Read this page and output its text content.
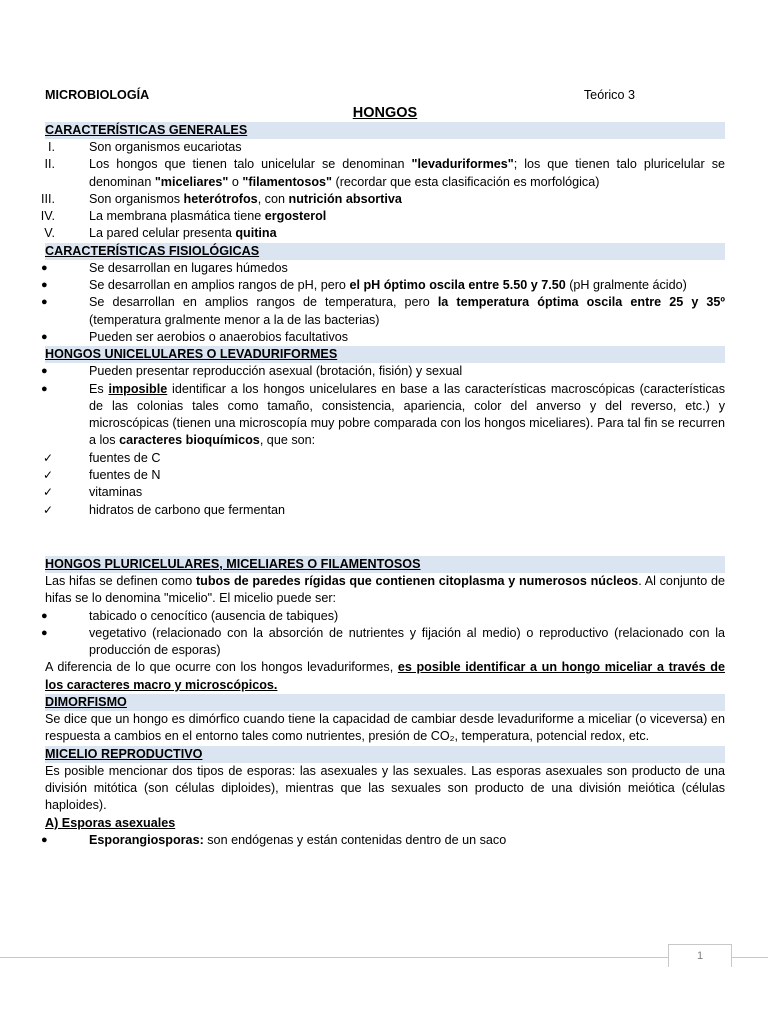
MICROBIOLOGÍA	Teórico 3
HONGOS
CARACTERÍSTICAS GENERALES
I.	Son organismos eucariotas
II.	Los hongos que tienen talo unicelular se denominan "levaduriformes"; los que tienen talo pluricelular se denominan "miceliares" o "filamentosos" (recordar que esta clasificación es morfológica)
III.	Son organismos heterótrofos, con nutrición absortiva
IV.	La membrana plasmática tiene ergosterol
V.	La pared celular presenta quitina
CARACTERÍSTICAS FISIOLÓGICAS
●	Se desarrollan en lugares húmedos
●	Se desarrollan en amplios rangos de pH, pero el pH óptimo oscila entre 5.50 y 7.50 (pH gralmente ácido)
●	Se desarrollan en amplios rangos de temperatura, pero la temperatura óptima oscila entre 25 y 35º (temperatura gralmente menor a la de las bacterias)
●	Pueden ser aerobios o anaerobios facultativos
HONGOS UNICELULARES O LEVADURIFORMES
●	Pueden presentar reproducción asexual (brotación, fisión) y sexual
●	Es imposible identificar a los hongos unicelulares en base a las características macroscópicas (características de las colonias tales como tamaño, consistencia, apariencia, color del anverso y del reverso, etc.) y microscópicas (tienen una microscopía muy pobre comparada con los hongos miceliares). Para tal fin se recurren a los caracteres bioquímicos, que son:
✓	fuentes de C
✓	fuentes de N
✓	vitaminas
✓	hidratos de carbono que fermentan
HONGOS PLURICELULARES, MICELIARES O FILAMENTOSOS
Las hifas se definen como tubos de paredes rígidas que contienen citoplasma y numerosos núcleos. Al conjunto de hifas se lo denomina "micelio". El micelio puede ser:
●	tabicado o cenocítico (ausencia de tabiques)
●	vegetativo (relacionado con la absorción de nutrientes y fijación al medio) o reproductivo (relacionado con la producción de esporas)
A diferencia de lo que ocurre con los hongos levaduriformes, es posible identificar a un hongo miceliar a través de los caracteres macro y microscópicos.
DIMORFISMO
Se dice que un hongo es dimórfico cuando tiene la capacidad de cambiar desde levaduriforme a miceliar (o viceversa) en respuesta a cambios en el entorno tales como nutrientes, presión de CO₂, temperatura, potencial redox, etc.
MICELIO REPRODUCTIVO
Es posible mencionar dos tipos de esporas: las asexuales y las sexuales. Las esporas asexuales son producto de una división mitótica (son células diploides), mientras que las sexuales son producto de una división meiótica (células haploides).
A) Esporas asexuales
●	Esporangiosporas: son endógenas y están contenidas dentro de un saco
1
